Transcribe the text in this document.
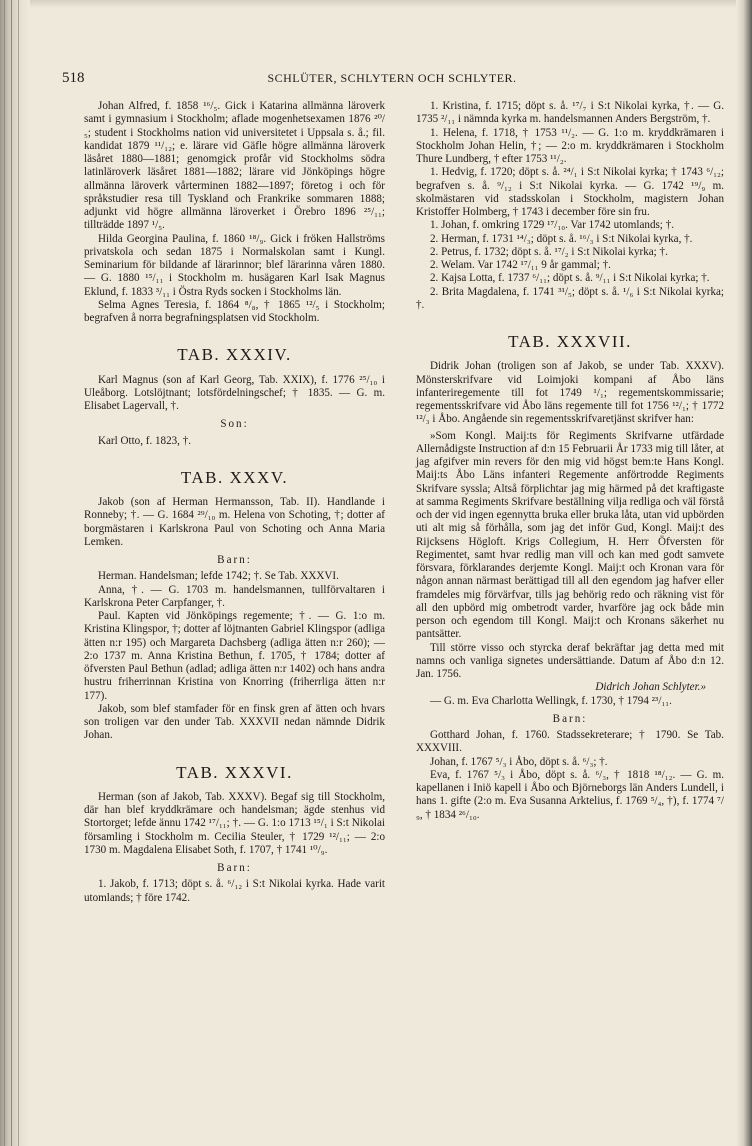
518	SCHLÜTER, SCHLYTERN OCH SCHLYTER.

Johan Alfred, f. 1858 ¹⁶/₅. Gick i Katarina allmänna läroverk samt i gymnasium i Stockholm; aflade mogenhetsexamen 1876 ²⁰/₅; student i Stockholms nation vid universitetet i Uppsala s. å.; fil. kandidat 1879 ¹¹/₁₂; e. lärare vid Gäfle högre allmänna läroverk läsåret 1880—1881; genomgick profår vid Stockholms södra latinläroverk läsåret 1881—1882; lärare vid Jönköpings högre allmänna läroverk vårterminen 1882—1897; företog i och för språkstudier resa till Tyskland och Frankrike sommaren 1888; adjunkt vid högre allmänna läroverket i Örebro 1896 ²⁵/₁₁; tillträdde 1897 ¹/₅.

Hilda Georgina Paulina, f. 1860 ¹⁸/₉. Gick i fröken Hallströms privatskola och sedan 1875 i Normalskolan samt i Kungl. Seminarium för bildande af lärarinnor; blef lärarinna våren 1880. — G. 1880 ¹⁵/₁₁ i Stockholm m. husägaren Karl Isak Magnus Eklund, f. 1833 ³/₁₁ i Östra Ryds socken i Stockholms län.

Selma Agnes Teresia, f. 1864 ⁸/₈, † 1865 ¹²/₅ i Stockholm; begrafven å norra begrafningsplatsen vid Stockholm.

TAB. XXXIV.

Karl Magnus (son af Karl Georg, Tab. XXIX), f. 1776 ²⁵/₁₀ i Uleåborg. Lotslöjtnant; lotsfördelningschef; † 1835. — G. m. Elisabet Lagervall, †.

Son:

Karl Otto, f. 1823, †.

TAB. XXXV.

Jakob (son af Herman Hermansson, Tab. II). Handlande i Ronneby; †. — G. 1684 ²⁹/₁₀ m. Helena von Schoting, †; dotter af borgmästaren i Karlskrona Paul von Schoting och Anna Maria Lemken.

Barn:

Herman. Handelsman; lefde 1742; †. Se Tab. XXXVI.

Anna, †. — G. 1703 m. handelsmannen, tullförvaltaren i Karlskrona Peter Carpfanger, †.

Paul. Kapten vid Jönköpings regemente; †. — G. 1:o m. Kristina Klingspor, †; dotter af löjtnanten Gabriel Klingspor (adliga ätten n:r 195) och Margareta Dachsberg (adliga ätten n:r 260); — 2:o 1737 m. Anna Kristina Bethun, f. 1705, † 1784; dotter af öfversten Paul Bethun (adlad; adliga ätten n:r 1402) och hans andra hustru friherrinnan Kristina von Knorring (friherrliga ätten n:r 177).

Jakob, som blef stamfader för en finsk gren af ätten och hvars son troligen var den under Tab. XXXVII nedan nämnde Didrik Johan.

TAB. XXXVI.

Herman (son af Jakob, Tab. XXXV). Begaf sig till Stockholm, där han blef kryddkrämare och handelsman; ägde stenhus vid Stortorget; lefde ännu 1742 ¹⁷/₁₁; †. — G. 1:o 1713 ¹⁵/₁ i S:t Nikolai församling i Stockholm m. Cecilia Steuler, † 1729 ¹²/₁₁; — 2:o 1730 m. Magdalena Elisabet Soth, f. 1707, † 1741 ¹⁰/₉.

Barn:

1. Jakob, f. 1713; döpt s. å. ⁶/₁₂ i S:t Nikolai kyrka. Hade varit utomlands; † före 1742.

1. Kristina, f. 1715; döpt s. å. ¹⁷/₇ i S:t Nikolai kyrka, †. — G. 1735 ²/₁₁ i nämnda kyrka m. handelsmannen Anders Bergström, †.

1. Helena, f. 1718, † 1753 ¹¹/₂. — G. 1:o m. kryddkrämaren i Stockholm Johan Helin, †; — 2:o m. kryddkrämaren i Stockholm Thure Lundberg, † efter 1753 ¹¹/₂.

1. Hedvig, f. 1720; döpt s. å. ²⁴/₁ i S:t Nikolai kyrka; † 1743 ⁶/₁₂; begrafven s. å. ⁹/₁₂ i S:t Nikolai kyrka. — G. 1742 ¹⁹/₉ m. skolmästaren vid stadsskolan i Stockholm, magistern Johan Kristoffer Holmberg, † 1743 i december före sin fru.

1. Johan, f. omkring 1729 ¹⁷/₁₀. Var 1742 utomlands; †.

2. Herman, f. 1731 ¹⁴/₃; döpt s. å. ¹⁶/₃ i S:t Nikolai kyrka, †.

2. Petrus, f. 1732; döpt s. å. ¹⁷/₂ i S:t Nikolai kyrka; †.

2. Welam. Var 1742 ¹⁷/₁₁ 9 år gammal; †.

2. Kajsa Lotta, f. 1737 ⁶/₁₁; döpt s. å. ⁹/₁₁ i S:t Nikolai kyrka; †.

2. Brita Magdalena, f. 1741 ³¹/₅; döpt s. å. ¹/₆ i S:t Nikolai kyrka; †.

TAB. XXXVII.

Didrik Johan (troligen son af Jakob, se under Tab. XXXV). Mönsterskrifvare vid Loimjoki kompani af Åbo läns infanteriregemente till fot 1749 ¹/₁; regementskommissarie; regementsskrifvare vid Åbo läns regemente till fot 1756 ¹²/₁; † 1772 ¹²/₃ i Åbo. Angående sin regementsskrifvaretjänst skrifver han:

»Som Kongl. Maij:ts för Regiments Skrifvarne utfärdade Allernådigste Instruction af d:n 15 Februarii År 1733 mig till låter, at jag afgifver min revers för den mig vid högst bem:te Hans Kongl. Maij:ts Åbo Läns infanteri Regemente anförtrodde Regiments Skrifvare syssla; Altså förplichtar jag mig härmed på det kraftigaste at samma Regiments Skrifvare beställning vilja redliga och väl förstå och der vid ingen egennytta bruka eller bruka låta, utan vid upbörden uti alt mig så förhålla, som jag det inför Gud, Kongl. Maij:t des Rijcksens Högloft. Krigs Collegium, H. Herr Öfversten för Regimentet, samt hvar redlig man vill och kan med godt samvete försvara, förklarandes derjemte Kongl. Maij:t och Kronan vara för någon annan närmast berättigad till all den egendom jag hafver eller framdeles mig förvärfvar, tills jag behörig redo och räkning vist för all den upbörd mig ombetrodt varder, hvarföre jag ock både min person och egendom till Kongl. Maij:t och Kronans säkerhet nu pantsätter.

Till större visso och styrcka deraf bekräftar jag detta med mit namns och vanliga signetes undersättiande. Datum af Åbo d:n 12. Jan. 1756.

Didrich Johan Schlyter.»

— G. m. Eva Charlotta Wellingk, f. 1730, † 1794 ²³/₁₁.

Barn:

Gotthard Johan, f. 1760. Stadssekreterare; † 1790. Se Tab. XXXVIII.

Johan, f. 1767 ⁵/₃ i Åbo, döpt s. å. ⁶/₃; †.

Eva, f. 1767 ⁵/₃ i Åbo, döpt s. å. ⁶/₃, † 1818 ¹⁸/₁₂. — G. m. kapellanen i Iniö kapell i Åbo och Björneborgs län Anders Lundell, i hans 1. gifte (2:o m. Eva Susanna Arktelius, f. 1769 ⁵/₄, †), f. 1774 ⁷/₉, † 1834 ²⁶/₁₀.
